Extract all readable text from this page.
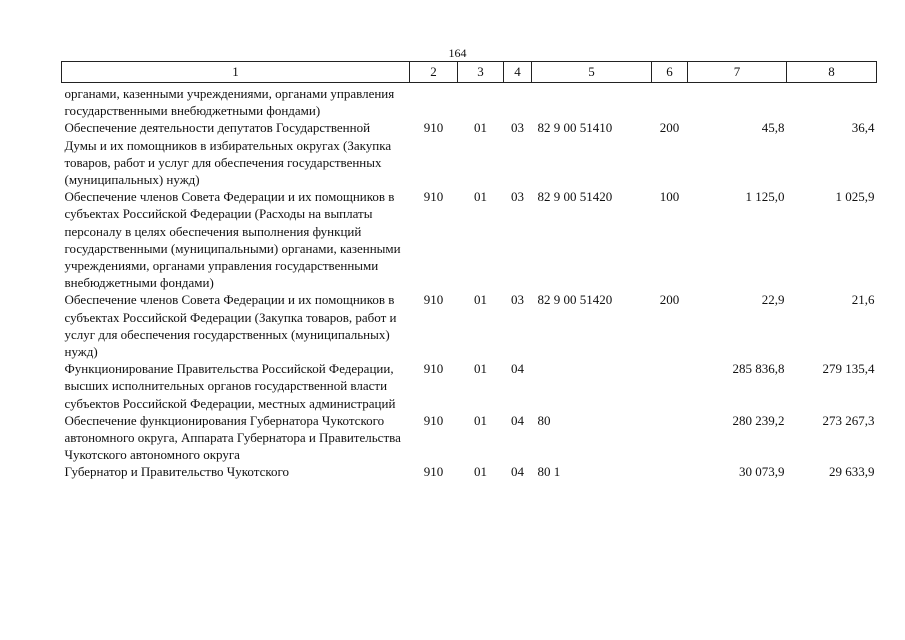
164
1	2	3	4	5	6	7	8
органами, казенными учреждениями, органами управления государственными внебюджетными фондами)							
Обеспечение деятельности депутатов Государственной Думы и их помощников в избирательных округах (Закупка товаров, работ и услуг для обеспечения государственных (муниципальных) нужд)	910	01	03	82 9 00 51410	200	45,8	36,4
Обеспечение членов Совета Федерации и их помощников в субъектах Российской Федерации (Расходы на выплаты персоналу в целях обеспечения выполнения функций государственными (муниципальными) органами, казенными учреждениями, органами управления государственными внебюджетными фондами)	910	01	03	82 9 00 51420	100	1 125,0	1 025,9
Обеспечение членов Совета Федерации и их помощников в субъектах Российской Федерации (Закупка товаров, работ и услуг для обеспечения государственных (муниципальных) нужд)	910	01	03	82 9 00 51420	200	22,9	21,6
Функционирование Правительства Российской Федерации, высших исполнительных органов государственной власти субъектов Российской Федерации, местных администраций	910	01	04			285 836,8	279 135,4
Обеспечение функционирования Губернатора Чукотского автономного округа, Аппарата Губернатора и Правительства Чукотского автономного округа	910	01	04	80		280 239,2	273 267,3
Губернатор и Правительство Чукотского	910	01	04	80 1		30 073,9	29 633,9
